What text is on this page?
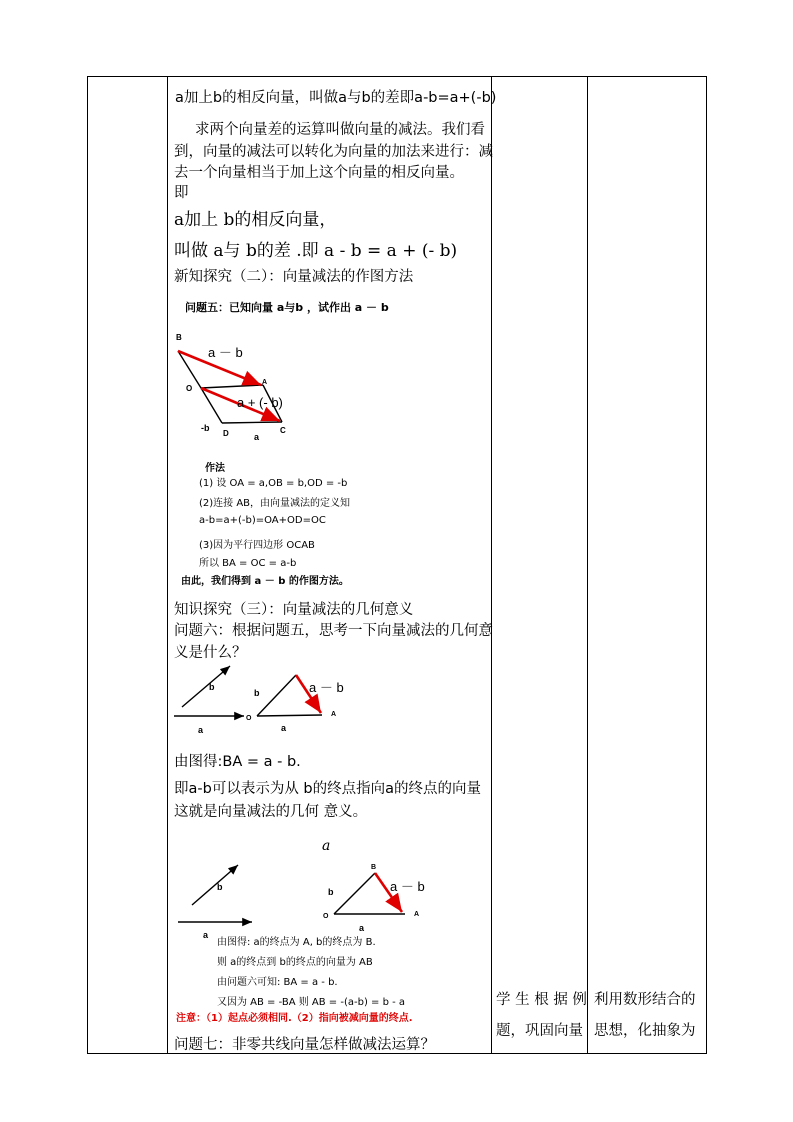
a加上b的相反向量，叫做a与b的差即a-b=a+(-b)
求两个向量差的运算叫做向量的减法。我们看
到，向量的减法可以转化为向量的加法来进行：减
去一个向量相当于加上这个向量的相反向量。
即
a加上 b的相反向量，
叫做 a与 b的差 .即 a - b = a + (- b)
新知探究（二）：向量减法的作图方法
问题五：已知向量 a与b ，试作出 a － b
B
O
A
C
D
a － b
a + (- b)
-b
a
作法
(1) 设 OA = a,OB = b,OD = -b
(2)连接 AB，由向量减法的定义知
a-b=a+(-b)=OA+OD=OC
(3)因为平行四边形 OCAB
所以 BA = OC = a-b
由此，我们得到 a － b 的作图方法。
知识探究（三）：向量减法的几何意义
问题六：根据问题五，思考一下向量减法的几何意
义是什么？
b
a
O
A
b
a
a － b
由图得:BA = a - b.
即a-b可以表示为从 b的终点指向a的终点的向量
这就是向量减法的几何 意义。
a
b
a
O	A
B
b
a
a － b
由图得: a的终点为 A, b的终点为 B.
则 a的终点到 b的终点的向量为 AB
由问题六可知: BA = a - b.
又因为 AB = -BA 则 AB = -(a-b) = b - a
注意：（1）起点必须相同.（2）指向被减向量的终点.
问题七：非零共线向量怎样做减法运算？
学 生 根 据 例
题，巩固向量
利用数形结合的
思想，化抽象为
